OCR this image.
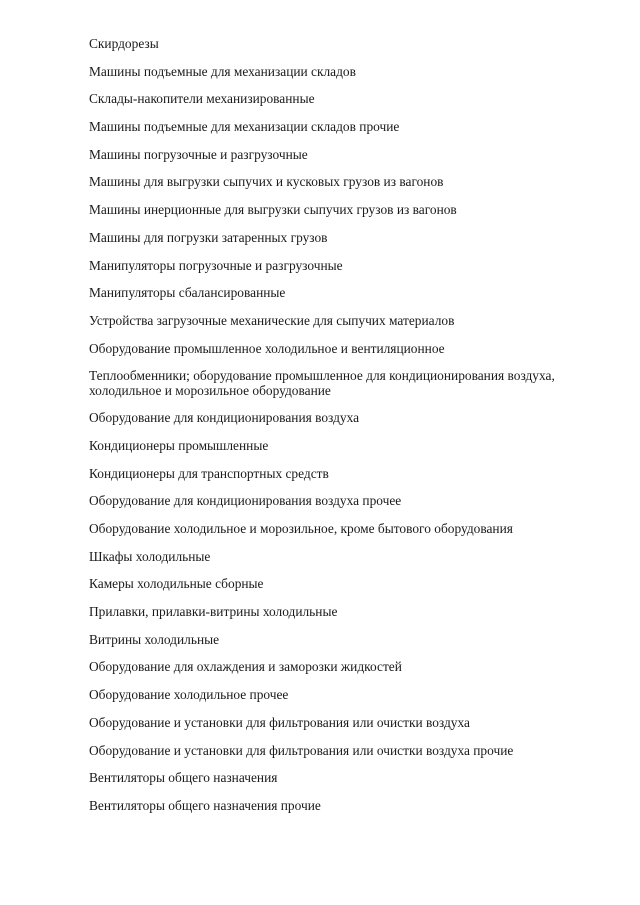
Скирдорезы
Машины подъемные для механизации складов
Склады-накопители механизированные
Машины подъемные для механизации складов прочие
Машины погрузочные и разгрузочные
Машины для выгрузки сыпучих и кусковых грузов из вагонов
Машины инерционные для выгрузки сыпучих грузов из вагонов
Машины для погрузки затаренных грузов
Манипуляторы погрузочные и разгрузочные
Манипуляторы сбалансированные
Устройства загрузочные механические для сыпучих материалов
Оборудование промышленное холодильное и вентиляционное
Теплообменники; оборудование промышленное для кондиционирования воздуха, холодильное и морозильное оборудование
Оборудование для кондиционирования воздуха
Кондиционеры промышленные
Кондиционеры для транспортных средств
Оборудование для кондиционирования воздуха прочее
Оборудование холодильное и морозильное, кроме бытового оборудования
Шкафы холодильные
Камеры холодильные сборные
Прилавки, прилавки-витрины холодильные
Витрины холодильные
Оборудование для охлаждения и заморозки жидкостей
Оборудование холодильное прочее
Оборудование и установки для фильтрования или очистки воздуха
Оборудование и установки для фильтрования или очистки воздуха прочие
Вентиляторы общего назначения
Вентиляторы общего назначения прочие
